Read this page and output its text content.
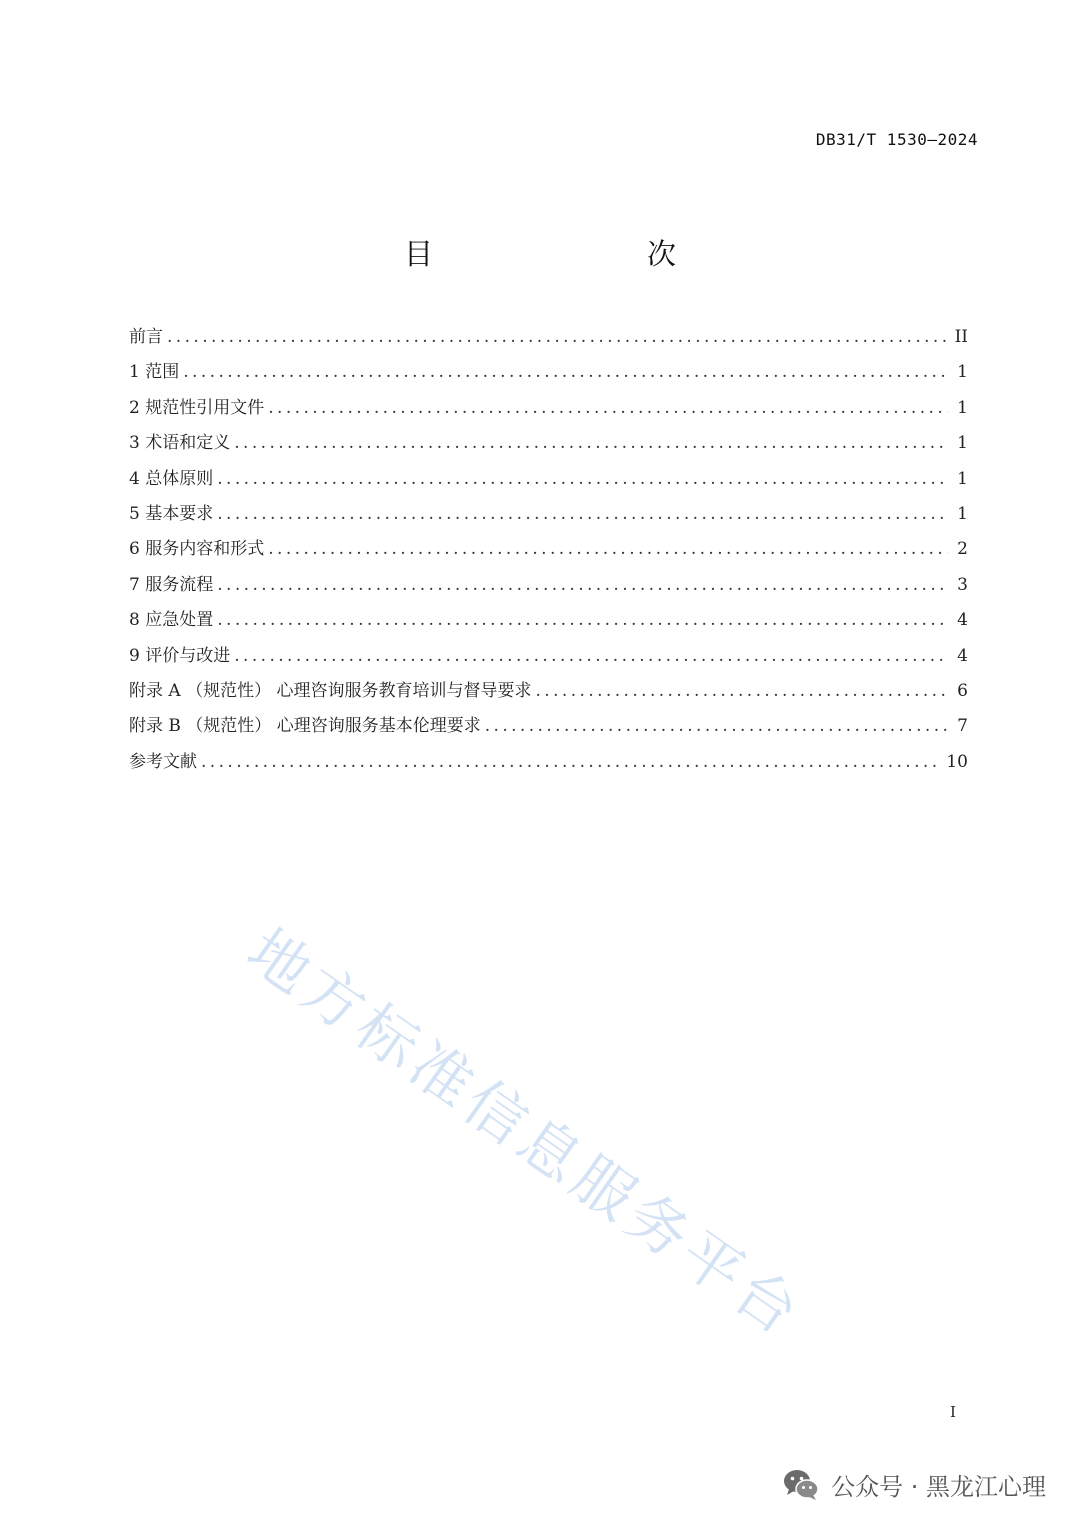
DB31/T 1530—2024
目　　次
前言 .....	II
1 范围 .....	1
2 规范性引用文件 .....	1
3 术语和定义 .....	1
4 总体原则 .....	1
5 基本要求 .....	1
6 服务内容和形式 .....	2
7 服务流程 .....	3
8 应急处置 .....	4
9 评价与改进 .....	4
附录 A （规范性） 心理咨询服务教育培训与督导要求 .....	6
附录 B （规范性） 心理咨询服务基本伦理要求 .....	7
参考文献 .....	10
地方标准信息服务平台
I
公众号 · 黑龙江心理
